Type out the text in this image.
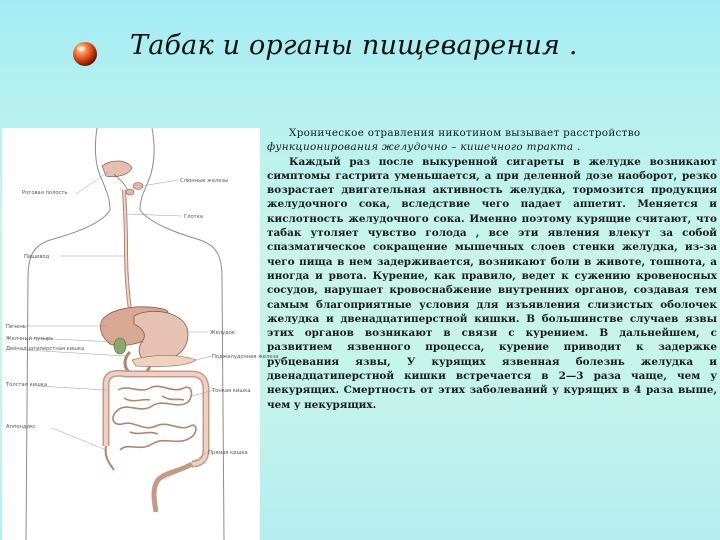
Табак и органы пищеварения .
Ротовая полость
Пищевод
Печень
Желчный пузырь
Двенадцатиперстная кишка
Толстая кишка
Аппендикс
Слюнные железы
Глотка
Желудок
Поджелудочная железа
Тонкая кишка
Прямая кишка

Хроническое отравления никотином вызывает расстройство
функционирования желудочно – кишечного тракта .

Каждый раз после выкуренной сигареты в желудке возникают симптомы гастрита уменьшается, а при деленной дозе наоборот, резко возрастает двигательная активность желудка, тормозится продукция желудочного сока, вследствие чего падает аппетит. Меняется и кислотность желудочного сока. Именно поэтому курящие считают, что табак утоляет чувство голода , все эти явления влекут за собой спазматическое сокращение мышечных слоев стенки желудка, из-за чего пища в нем задерживается, возникают боли в животе, тошнота, а иногда и рвота. Курение, как правило, ведет к сужению кровеносных сосудов, нарушает кровоснабжение внутренних органов, создавая тем самым благоприятные условия для изъявления слизистых оболочек желудка и двенадцатиперстной кишки. В большинстве случаев язвы этих органов возникают в связи с курением. В дальнейшем, с развитием язвенного процесса, курение приводит к задержке рубцевания язвы, У курящих язвенная болезнь желудка и двенадцатиперстной кишки встречается в 2—3 раза чаще, чем у некурящих. Смертность от этих заболеваний у курящих в 4 раза выше, чем у некурящих.
